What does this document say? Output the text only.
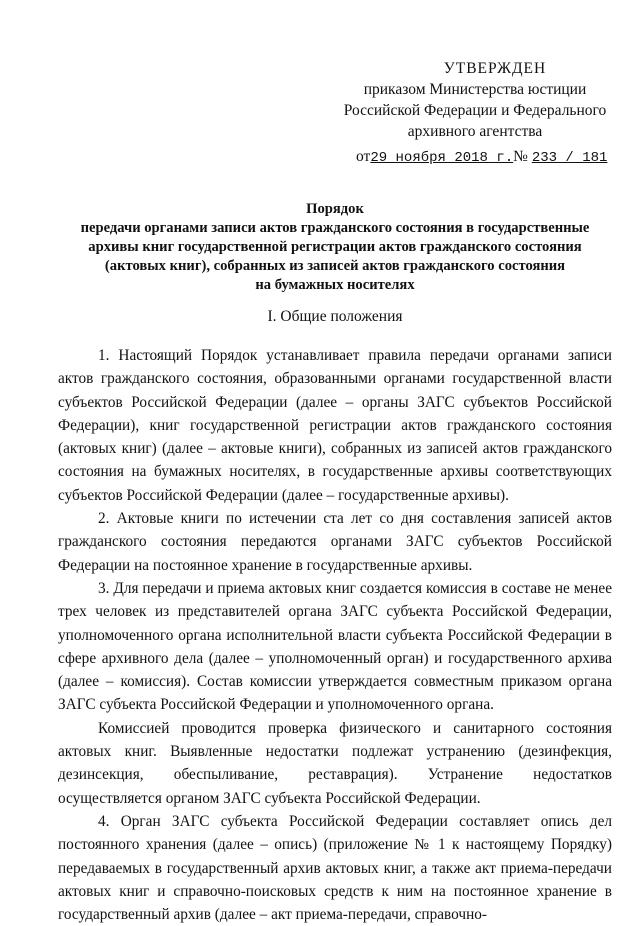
УТВЕРЖДЕН
приказом Министерства юстиции
Российской Федерации и Федерального
архивного агентства
от29 ноября 2018 г.№ 233 / 181
Порядок
передачи органами записи актов гражданского состояния в государственные
архивы книг государственной регистрации актов гражданского состояния
(актовых книг), собранных из записей актов гражданского состояния
на бумажных носителях
I. Общие положения

1. Настоящий Порядок устанавливает правила передачи органами записи актов гражданского состояния, образованными органами государственной власти субъектов Российской Федерации (далее – органы ЗАГС субъектов Российской Федерации), книг государственной регистрации актов гражданского состояния (актовых книг) (далее – актовые книги), собранных из записей актов гражданского состояния на бумажных носителях, в государственные архивы соответствующих субъектов Российской Федерации (далее – государственные архивы).

2. Актовые книги по истечении ста лет со дня составления записей актов гражданского состояния передаются органами ЗАГС субъектов Российской Федерации на постоянное хранение в государственные архивы.

3. Для передачи и приема актовых книг создается комиссия в составе не менее трех человек из представителей органа ЗАГС субъекта Российской Федерации, уполномоченного органа исполнительной власти субъекта Российской Федерации в сфере архивного дела (далее – уполномоченный орган) и государственного архива (далее – комиссия). Состав комиссии утверждается совместным приказом органа ЗАГС субъекта Российской Федерации и уполномоченного органа.

Комиссией проводится проверка физического и санитарного состояния актовых книг. Выявленные недостатки подлежат устранению (дезинфекция, дезинсекция, обеспыливание, реставрация). Устранение недостатков осуществляется органом ЗАГС субъекта Российской Федерации.

4. Орган ЗАГС субъекта Российской Федерации составляет опись дел постоянного хранения (далее – опись) (приложение № 1 к настоящему Порядку) передаваемых в государственный архив актовых книг, а также акт приема-передачи актовых книг и справочно-поисковых средств к ним на постоянное хранение в государственный архив (далее – акт приема-передачи, справочно-
